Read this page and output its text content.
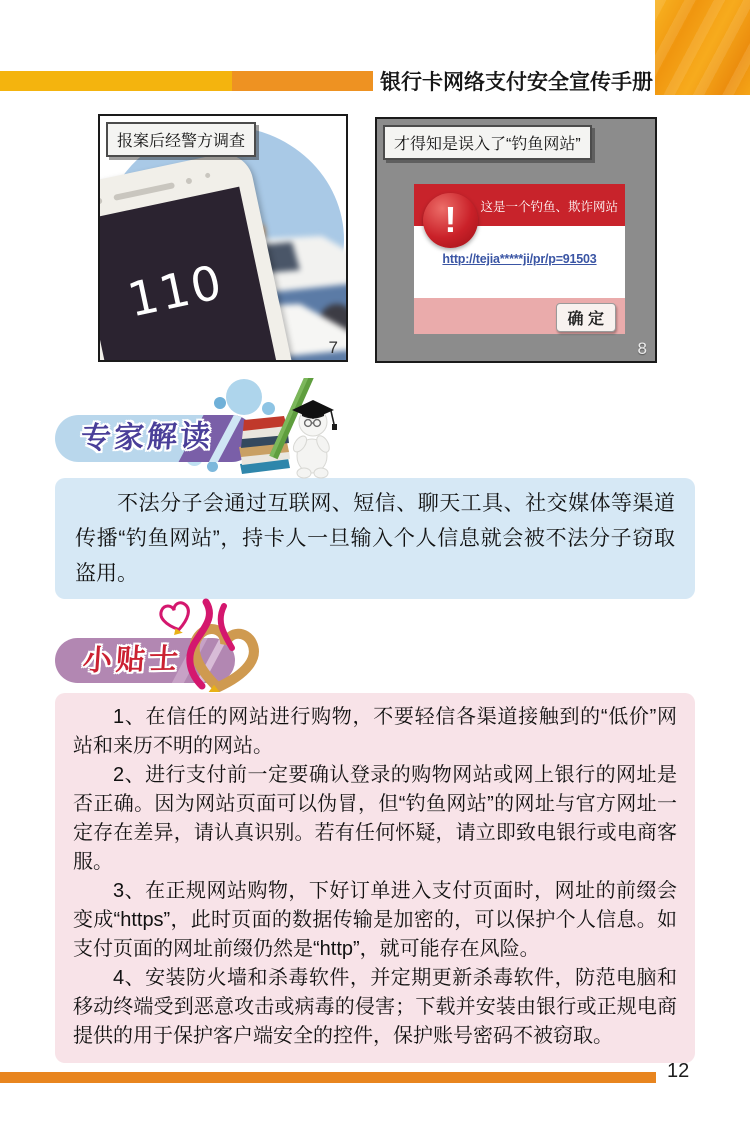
银行卡网络支付安全宣传手册
110
报案后经警方调查
7
这是一个钓鱼、欺诈网站
!
http://tejia*****ji/pr/p=91503
确 定
才得知是误入了“钓鱼网站”
8
专家解读

不法分子会通过互联网、短信、聊天工具、社交媒体等渠道传播“钓鱼网站”，持卡人一旦输入个人信息就会被不法分子窃取盗用。

小贴士

1、在信任的网站进行购物，不要轻信各渠道接触到的“低价”网站和来历不明的网站。

2、进行支付前一定要确认登录的购物网站或网上银行的网址是否正确。因为网站页面可以伪冒，但“钓鱼网站”的网址与官方网址一定存在差异，请认真识别。若有任何怀疑，请立即致电银行或电商客服。

3、在正规网站购物，下好订单进入支付页面时，网址的前缀会变成“https”，此时页面的数据传输是加密的，可以保护个人信息。如支付页面的网址前缀仍然是“http”，就可能存在风险。

4、安装防火墙和杀毒软件，并定期更新杀毒软件，防范电脑和移动终端受到恶意攻击或病毒的侵害；下载并安装由银行或正规电商提供的用于保护客户端安全的控件，保护账号密码不被窃取。

12
